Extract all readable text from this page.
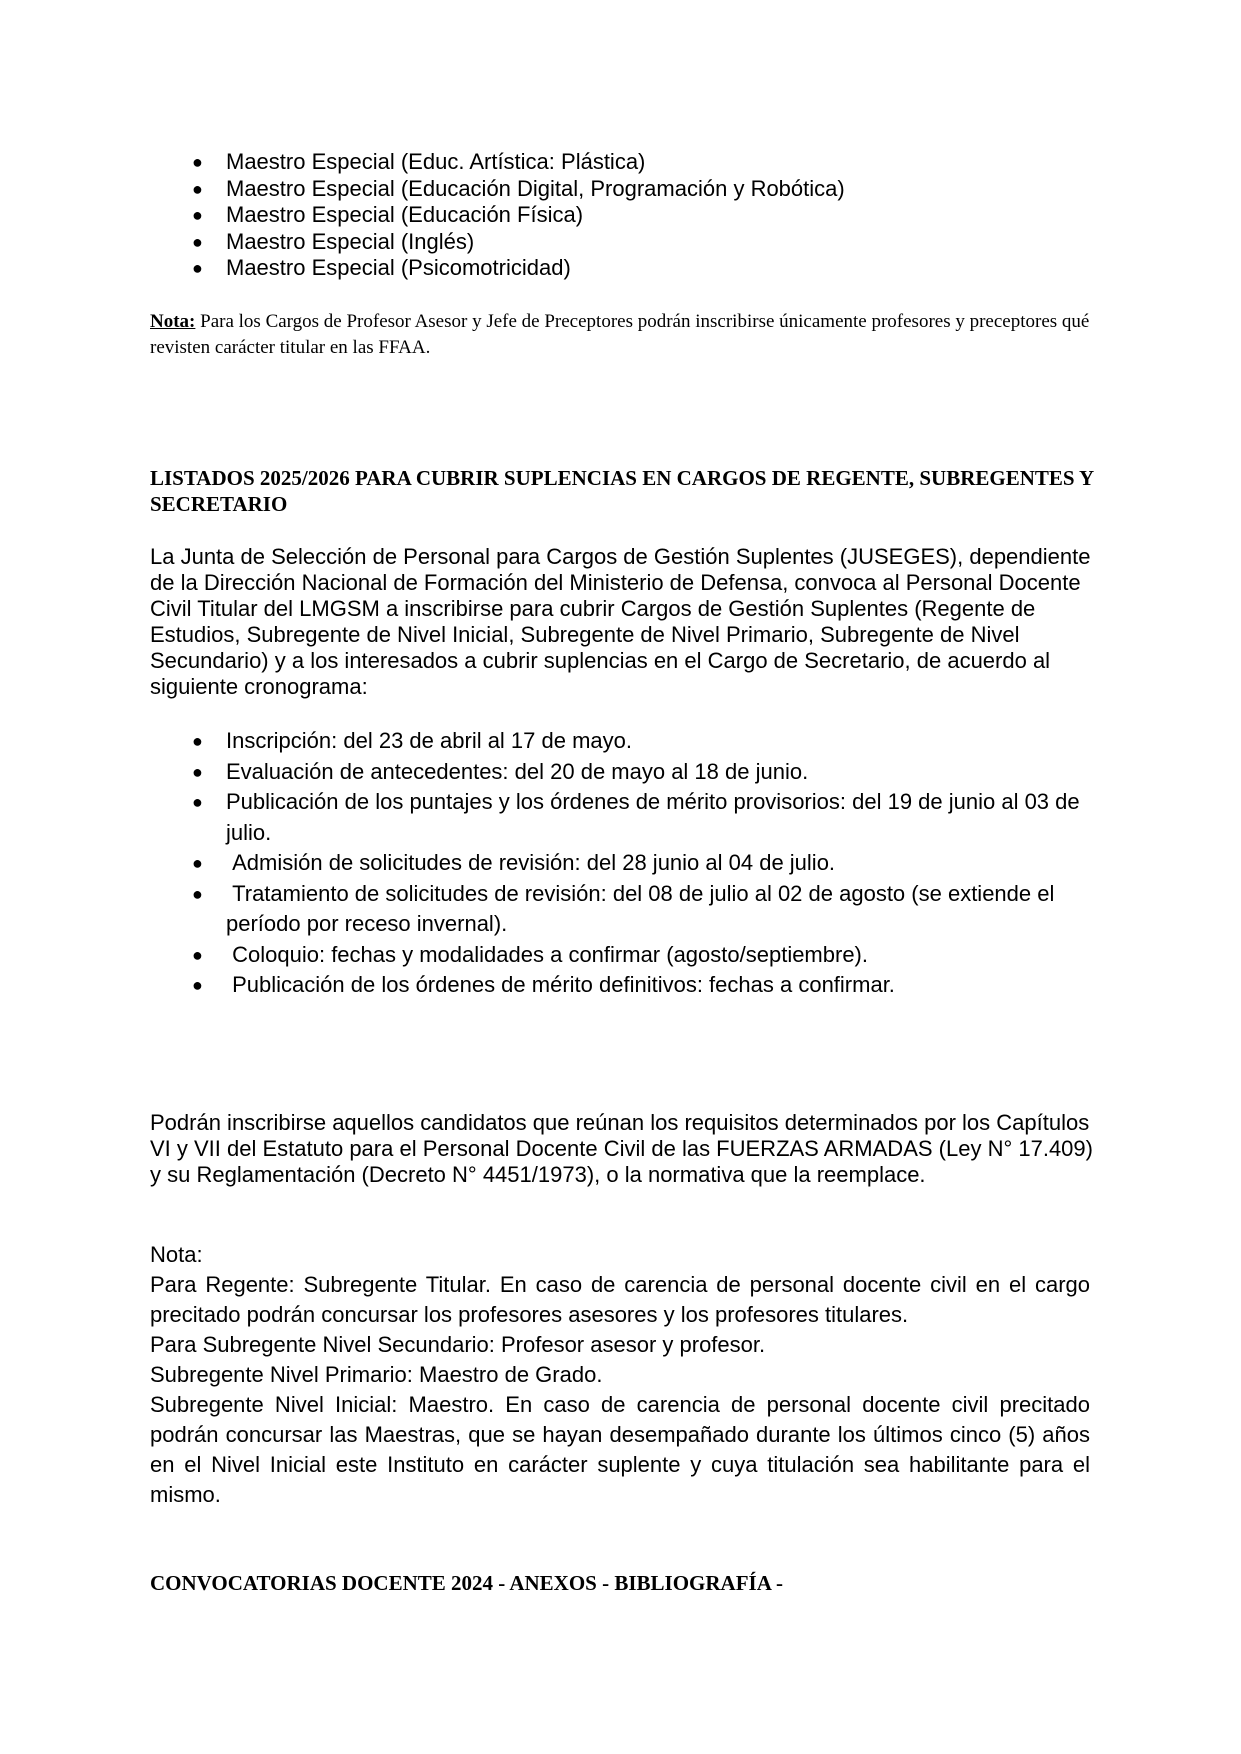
● Maestro Especial (Educ. Artística: Plástica)
● Maestro Especial (Educación Digital, Programación y Robótica)
● Maestro Especial (Educación Física)
● Maestro Especial (Inglés)
● Maestro Especial (Psicomotricidad)
Nota: Para los Cargos de Profesor Asesor y Jefe de Preceptores podrán inscribirse únicamente profesores y preceptores qué revisten carácter titular en las FFAA.
LISTADOS 2025/2026 PARA CUBRIR SUPLENCIAS EN CARGOS DE REGENTE, SUBREGENTES Y SECRETARIO
La Junta de Selección de Personal para Cargos de Gestión Suplentes (JUSEGES), dependiente de la Dirección Nacional de Formación del Ministerio de Defensa, convoca al Personal Docente Civil Titular del LMGSM a inscribirse para cubrir Cargos de Gestión Suplentes (Regente de Estudios, Subregente de Nivel Inicial, Subregente de Nivel Primario, Subregente de Nivel Secundario) y a los interesados a cubrir suplencias en el Cargo de Secretario, de acuerdo al siguiente cronograma:
● Inscripción: del 23 de abril al 17 de mayo.
● Evaluación de antecedentes: del 20 de mayo al 18 de junio.
● Publicación de los puntajes y los órdenes de mérito provisorios: del 19 de junio al 03 de julio.
● Admisión de solicitudes de revisión: del 28 junio al 04 de julio.
● Tratamiento de solicitudes de revisión: del 08 de julio al 02 de agosto (se extiende el período por receso invernal).
● Coloquio: fechas y modalidades a confirmar (agosto/septiembre).
● Publicación de los órdenes de mérito definitivos: fechas a confirmar.
Podrán inscribirse aquellos candidatos que reúnan los requisitos determinados por los Capítulos VI y VII del Estatuto para el Personal Docente Civil de las FUERZAS ARMADAS (Ley N° 17.409) y su Reglamentación (Decreto N° 4451/1973), o la normativa que la reemplace.

Nota:

Para Regente: Subregente Titular. En caso de carencia de personal docente civil en el cargo precitado podrán concursar los profesores asesores y los profesores titulares.

Para Subregente Nivel Secundario: Profesor asesor y profesor.

Subregente Nivel Primario: Maestro de Grado.

Subregente Nivel Inicial: Maestro. En caso de carencia de personal docente civil precitado podrán concursar las Maestras, que se hayan desempañado durante los últimos cinco (5) años en el Nivel Inicial este Instituto en carácter suplente y cuya titulación sea habilitante para el mismo.

CONVOCATORIAS DOCENTE 2024 - ANEXOS - BIBLIOGRAFÍA -
